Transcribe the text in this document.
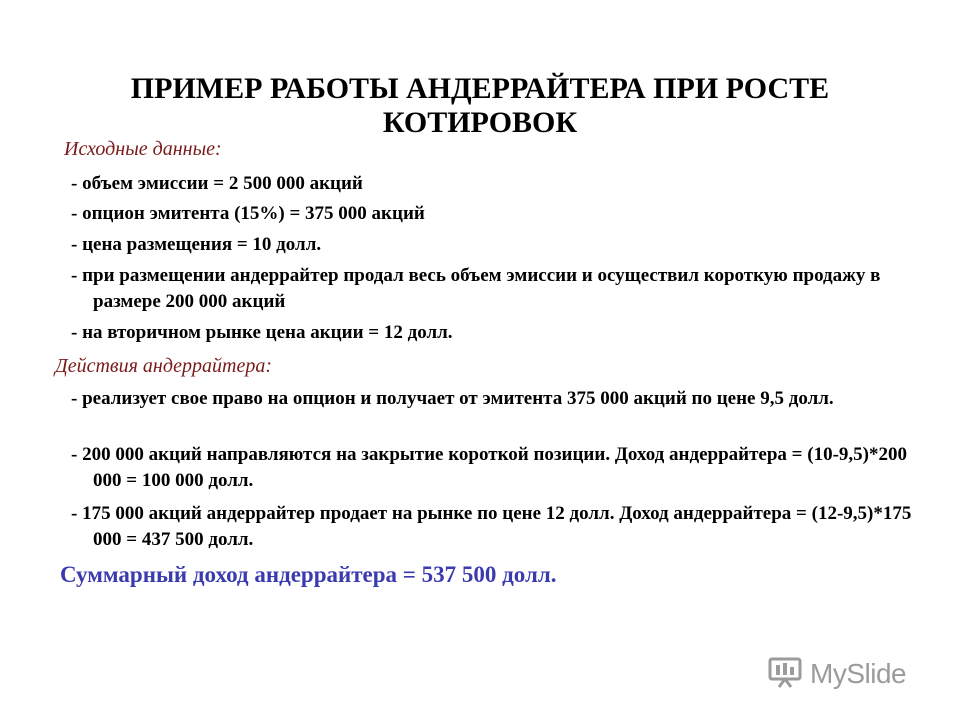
ПРИМЕР РАБОТЫ АНДЕРРАЙТЕРА ПРИ РОСТЕ КОТИРОВОК
Исходные данные:
- объем эмиссии = 2 500 000 акций
- опцион эмитента (15%) = 375 000 акций
- цена размещения = 10 долл.
- при размещении андеррайтер продал весь объем эмиссии и осуществил короткую продажу в размере 200 000 акций
- на вторичном рынке цена акции = 12 долл.
Действия андеррайтера:
- реализует свое право на опцион и получает от эмитента 375 000 акций по цене 9,5 долл.
- 200 000 акций направляются на закрытие короткой позиции. Доход андеррайтера = (10-9,5)*200 000 = 100 000 долл.
- 175 000 акций андеррайтер продает на рынке по цене 12 долл. Доход андеррайтера = (12-9,5)*175 000 = 437 500 долл.
Суммарный доход андеррайтера = 537 500 долл.
MySlide
